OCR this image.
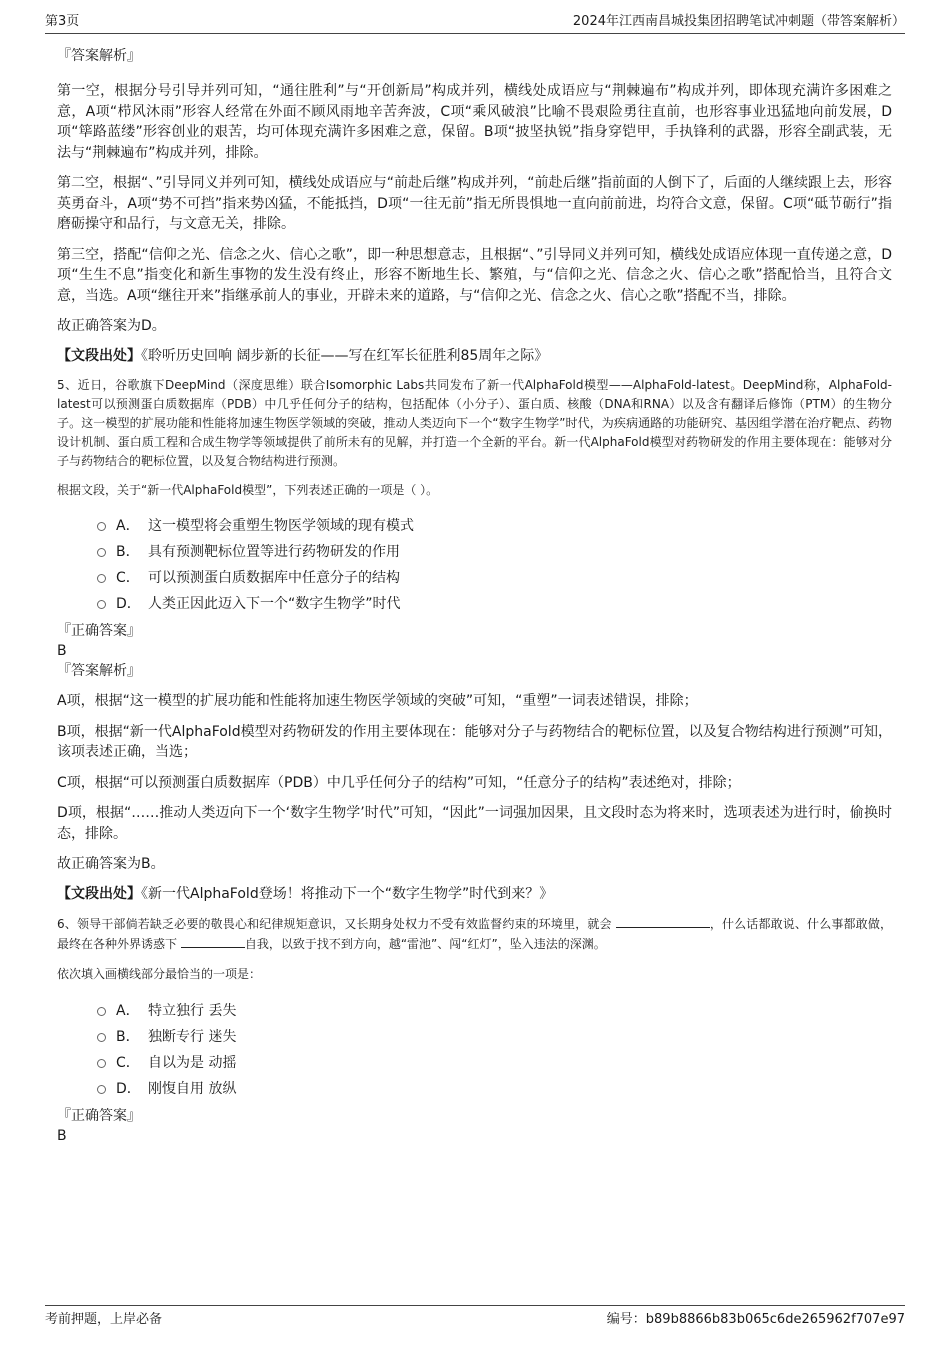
第3页	2024年江西南昌城投集团招聘笔试冲刺题（带答案解析）

『答案解析』

第一空，根据分号引导并列可知，“通往胜利”与“开创新局”构成并列，横线处成语应与“荆棘遍布”构成并列，即体现充满许多困难之意，A项“栉风沐雨”形容人经常在外面不顾风雨地辛苦奔波，C项“乘风破浪”比喻不畏艰险勇往直前，也形容事业迅猛地向前发展，D项“筚路蓝缕”形容创业的艰苦，均可体现充满许多困难之意，保留。B项“披坚执锐”指身穿铠甲，手执锋利的武器，形容全副武装，无法与“荆棘遍布”构成并列，排除。

第二空，根据“、”引导同义并列可知，横线处成语应与“前赴后继”构成并列，“前赴后继”指前面的人倒下了，后面的人继续跟上去，形容英勇奋斗，A项“势不可挡”指来势凶猛，不能抵挡，D项“一往无前”指无所畏惧地一直向前前进，均符合文意，保留。C项“砥节砺行”指磨砺操守和品行，与文意无关，排除。

第三空，搭配“信仰之光、信念之火、信心之歌”，即一种思想意志，且根据“、”引导同义并列可知，横线处成语应体现一直传递之意，D项“生生不息”指变化和新生事物的发生没有终止，形容不断地生长、繁殖，与“信仰之光、信念之火、信心之歌”搭配恰当，且符合文意，当选。A项“继往开来”指继承前人的事业，开辟未来的道路，与“信仰之光、信念之火、信心之歌”搭配不当，排除。

故正确答案为D。

【文段出处】《聆听历史回响 阔步新的长征——写在红军长征胜利85周年之际》

5、近日，谷歌旗下DeepMind（深度思维）联合Isomorphic Labs共同发布了新一代AlphaFold模型——AlphaFold-latest。DeepMind称，AlphaFold-latest可以预测蛋白质数据库（PDB）中几乎任何分子的结构，包括配体（小分子）、蛋白质、核酸（DNA和RNA）以及含有翻译后修饰（PTM）的生物分子。这一模型的扩展功能和性能将加速生物医学领域的突破，推动人类迈向下一个“数字生物学”时代，为疾病通路的功能研究、基因组学潜在治疗靶点、药物设计机制、蛋白质工程和合成生物学等领域提供了前所未有的见解，并打造一个全新的平台。新一代AlphaFold模型对药物研发的作用主要体现在：能够对分子与药物结合的靶标位置，以及复合物结构进行预测。

根据文段，关于“新一代AlphaFold模型”，下列表述正确的一项是（ ）。

A． 这一模型将会重塑生物医学领域的现有模式
B． 具有预测靶标位置等进行药物研发的作用
C． 可以预测蛋白质数据库中任意分子的结构
D． 人类正因此迈入下一个“数字生物学”时代

『正确答案』

B

『答案解析』

A项，根据“这一模型的扩展功能和性能将加速生物医学领域的突破”可知，“重塑”一词表述错误，排除；

B项，根据“新一代AlphaFold模型对药物研发的作用主要体现在：能够对分子与药物结合的靶标位置，以及复合物结构进行预测”可知，该项表述正确，当选；

C项，根据“可以预测蛋白质数据库（PDB）中几乎任何分子的结构”可知，“任意分子的结构”表述绝对，排除；

D项，根据“……推动人类迈向下一个‘数字生物学’时代”可知，“因此”一词强加因果，且文段时态为将来时，选项表述为进行时，偷换时态，排除。

故正确答案为B。

【文段出处】《新一代AlphaFold登场！将推动下一个“数字生物学”时代到来？》

6、领导干部倘若缺乏必要的敬畏心和纪律规矩意识，又长期身处权力不受有效监督约束的环境里，就会	，什么话都敢说、什么事都敢做，最终在各种外界诱惑下	自我，以致于找不到方向，越“雷池”、闯“红灯”，坠入违法的深渊。

依次填入画横线部分最恰当的一项是：

A． 特立独行 丢失
B． 独断专行 迷失
C． 自以为是 动摇
D． 刚愎自用 放纵

『正确答案』

B

考前押题，上岸必备	编号：b89b8866b83b065c6de265962f707e97
